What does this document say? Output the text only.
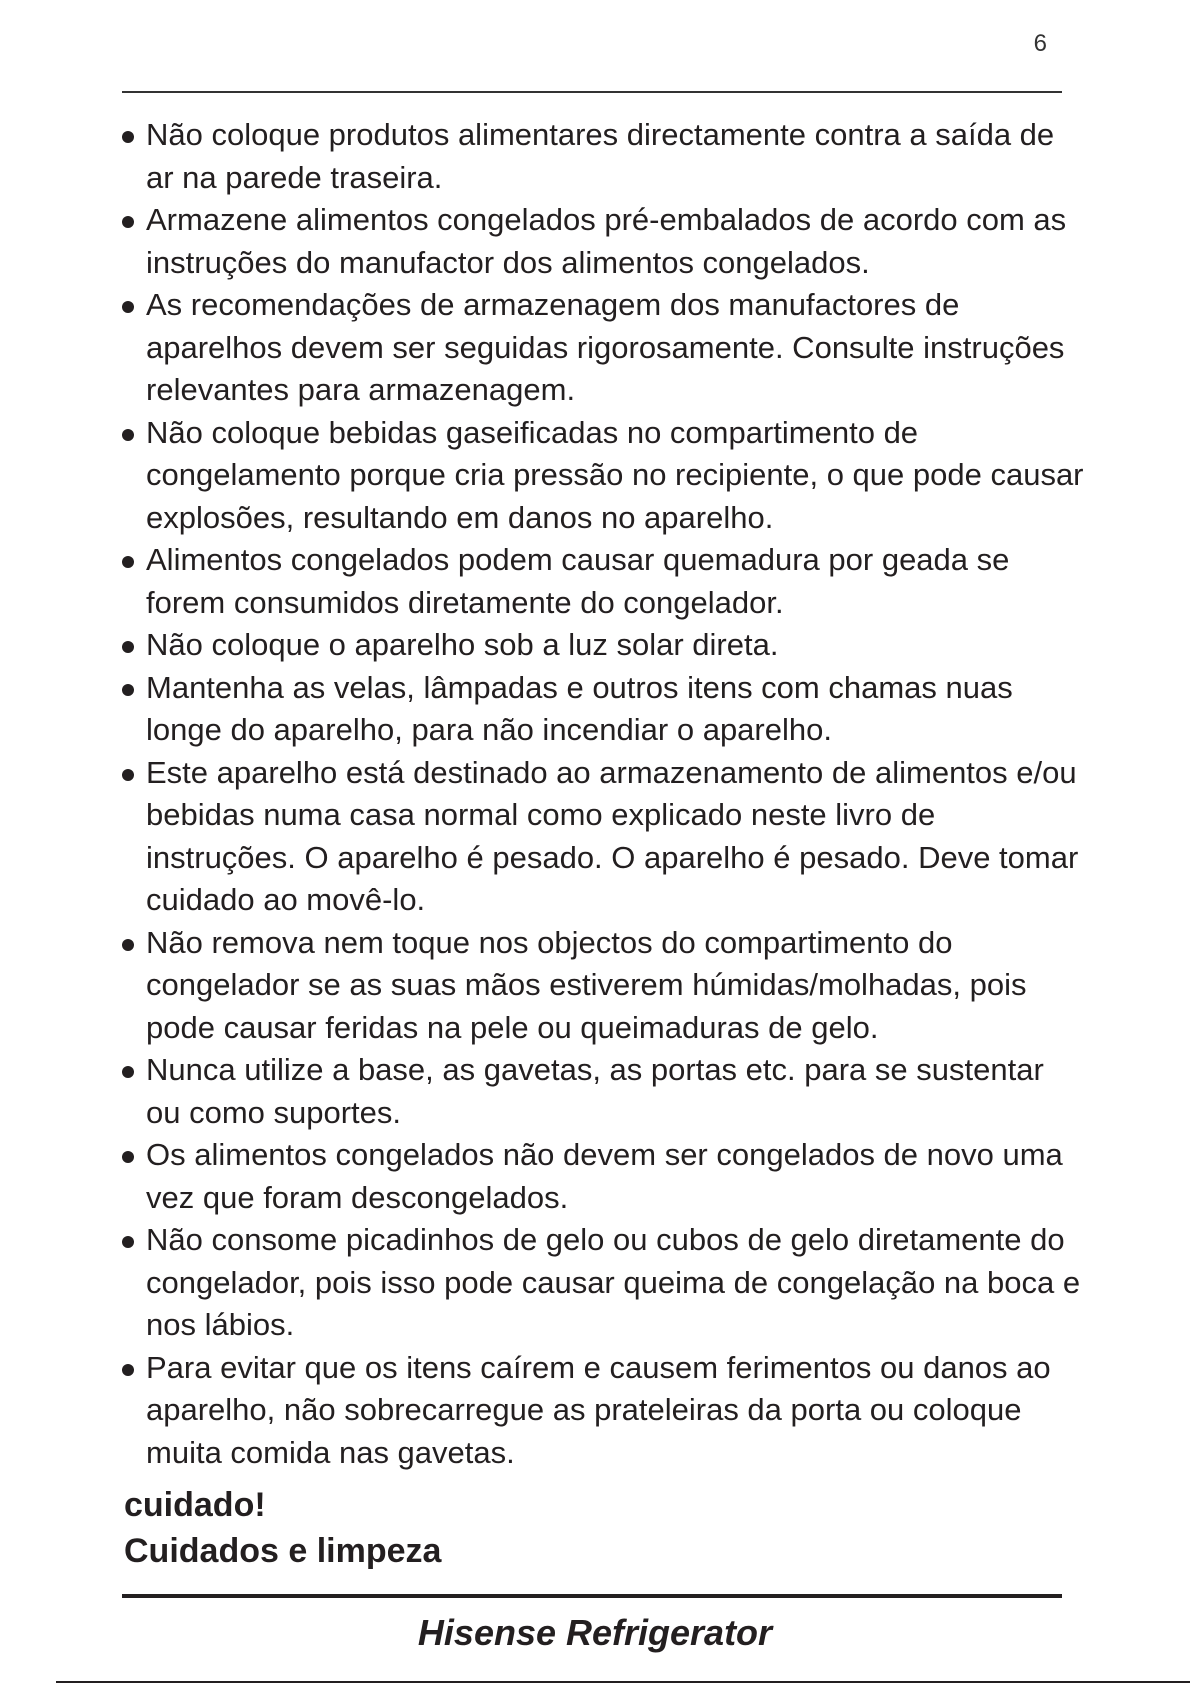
6
Não coloque produtos alimentares directamente contra a saída de ar na parede traseira.
Armazene alimentos congelados pré-embalados de acordo com as instruções do manufactor dos alimentos congelados.
As recomendações de armazenagem dos manufactores de aparelhos devem ser seguidas rigorosamente. Consulte instruções relevantes para armazenagem.
Não coloque bebidas gaseificadas no compartimento de congelamento porque cria pressão no recipiente, o que pode causar explosões, resultando em danos no aparelho.
Alimentos congelados podem causar quemadura por geada se forem consumidos diretamente do congelador.
Não coloque o aparelho sob a luz solar direta.
Mantenha as velas, lâmpadas e outros itens com chamas nuas longe do aparelho, para não incendiar o aparelho.
Este aparelho está destinado ao armazenamento de alimentos e/ou bebidas numa casa normal como explicado neste livro de instruções. O aparelho é pesado. O aparelho é pesado. Deve tomar cuidado ao movê-lo.
Não remova nem toque nos objectos do compartimento do congelador se as suas mãos estiverem húmidas/molhadas, pois pode causar feridas na pele ou queimaduras de gelo.
Nunca utilize a base, as gavetas, as portas etc. para se sustentar ou como suportes.
Os alimentos congelados não devem ser congelados de novo uma vez que foram descongelados.
Não consome picadinhos de gelo ou cubos de gelo diretamente do congelador, pois isso pode causar queima de congelação na boca e nos lábios.
Para evitar que os itens caírem e causem ferimentos ou danos ao aparelho, não sobrecarregue as prateleiras da porta ou coloque muita comida nas gavetas.
cuidado!
Cuidados e limpeza
Hisense Refrigerator
